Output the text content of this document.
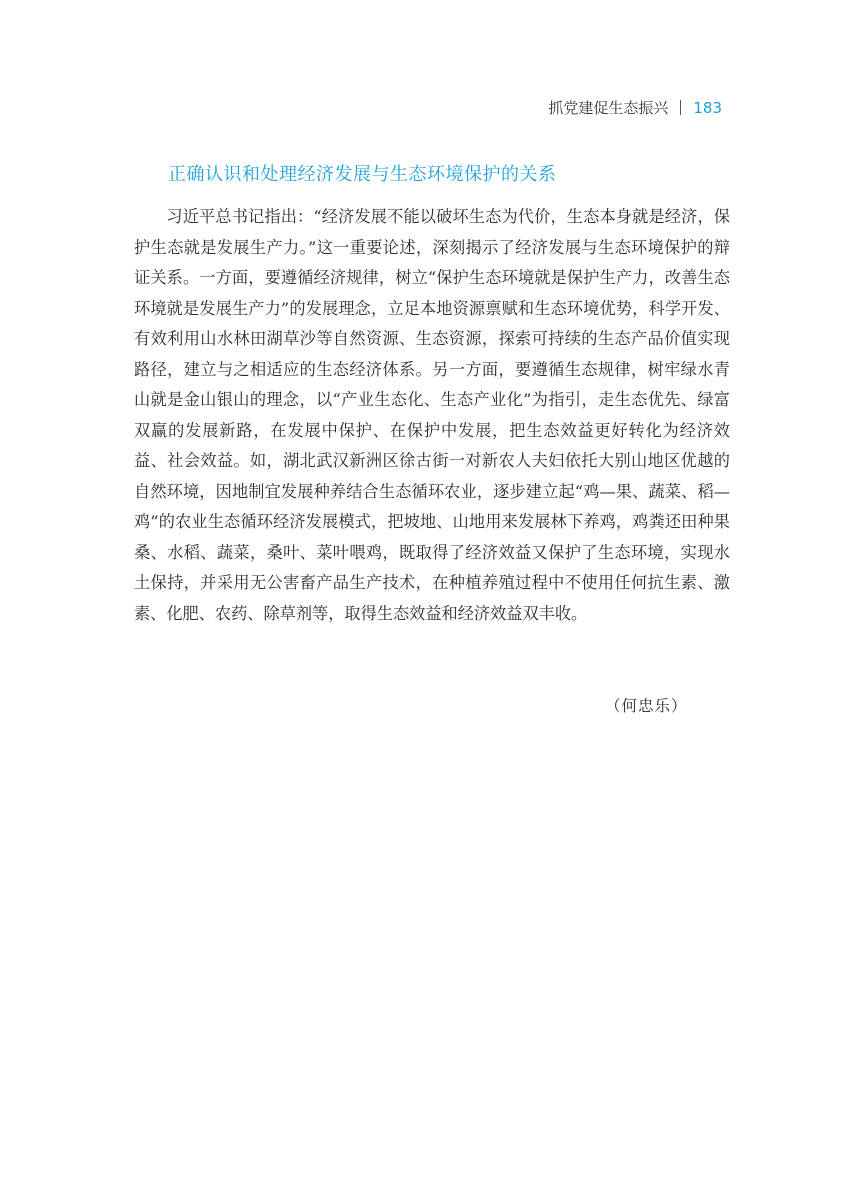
抓党建促生态振兴 183
正确认识和处理经济发展与生态环境保护的关系

习近平总书记指出：“经济发展不能以破坏生态为代价，生态本身就是经济，保护生态就是发展生产力。”这一重要论述，深刻揭示了经济发展与生态环境保护的辩证关系。一方面，要遵循经济规律，树立“保护生态环境就是保护生产力，改善生态环境就是发展生产力”的发展理念，立足本地资源禀赋和生态环境优势，科学开发、有效利用山水林田湖草沙等自然资源、生态资源，探索可持续的生态产品价值实现路径，建立与之相适应的生态经济体系。另一方面，要遵循生态规律，树牢绿水青山就是金山银山的理念，以“产业生态化、生态产业化”为指引，走生态优先、绿富双赢的发展新路，在发展中保护、在保护中发展，把生态效益更好转化为经济效益、社会效益。如，湖北武汉新洲区徐古街一对新农人夫妇依托大别山地区优越的自然环境，因地制宜发展种养结合生态循环农业，逐步建立起“鸡—果、蔬菜、稻—鸡”的农业生态循环经济发展模式，把坡地、山地用来发展林下养鸡，鸡粪还田种果桑、水稻、蔬菜，桑叶、菜叶喂鸡，既取得了经济效益又保护了生态环境，实现水土保持，并采用无公害畜产品生产技术，在种植养殖过程中不使用任何抗生素、激素、化肥、农药、除草剂等，取得生态效益和经济效益双丰收。

（何忠乐）
